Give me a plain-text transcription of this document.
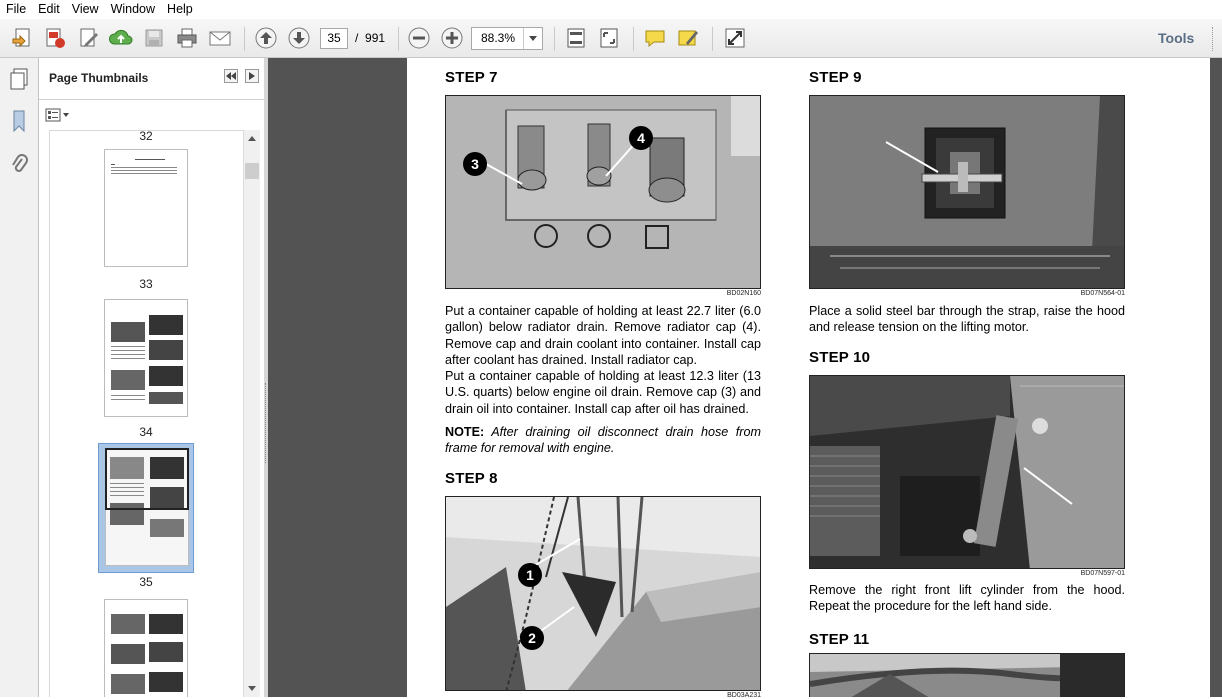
File Edit View Window Help
35	/ 991	88.3%	Tools
Page Thumbnails
32
33
34
35
STEP 7
3
4
BD02N160
Put a container capable of holding at least 22.7 liter (6.0 gallon) below radiator drain. Remove radiator cap (4). Remove cap and drain coolant into container. Install cap after coolant has drained. Install radiator cap.
Put a container capable of holding at least 12.3 liter (13 U.S. quarts) below engine oil drain. Remove cap (3) and drain oil into container. Install cap after oil has drained.
NOTE: After draining oil disconnect drain hose from frame for removal with engine.
STEP 8
1
2
BD03A231
STEP 9
BD07N564-01
Place a solid steel bar through the strap, raise the hood and release tension on the lifting motor.
STEP 10
BD07N597-01
Remove the right front lift cylinder from the hood. Repeat the procedure for the left hand side.
STEP 11
